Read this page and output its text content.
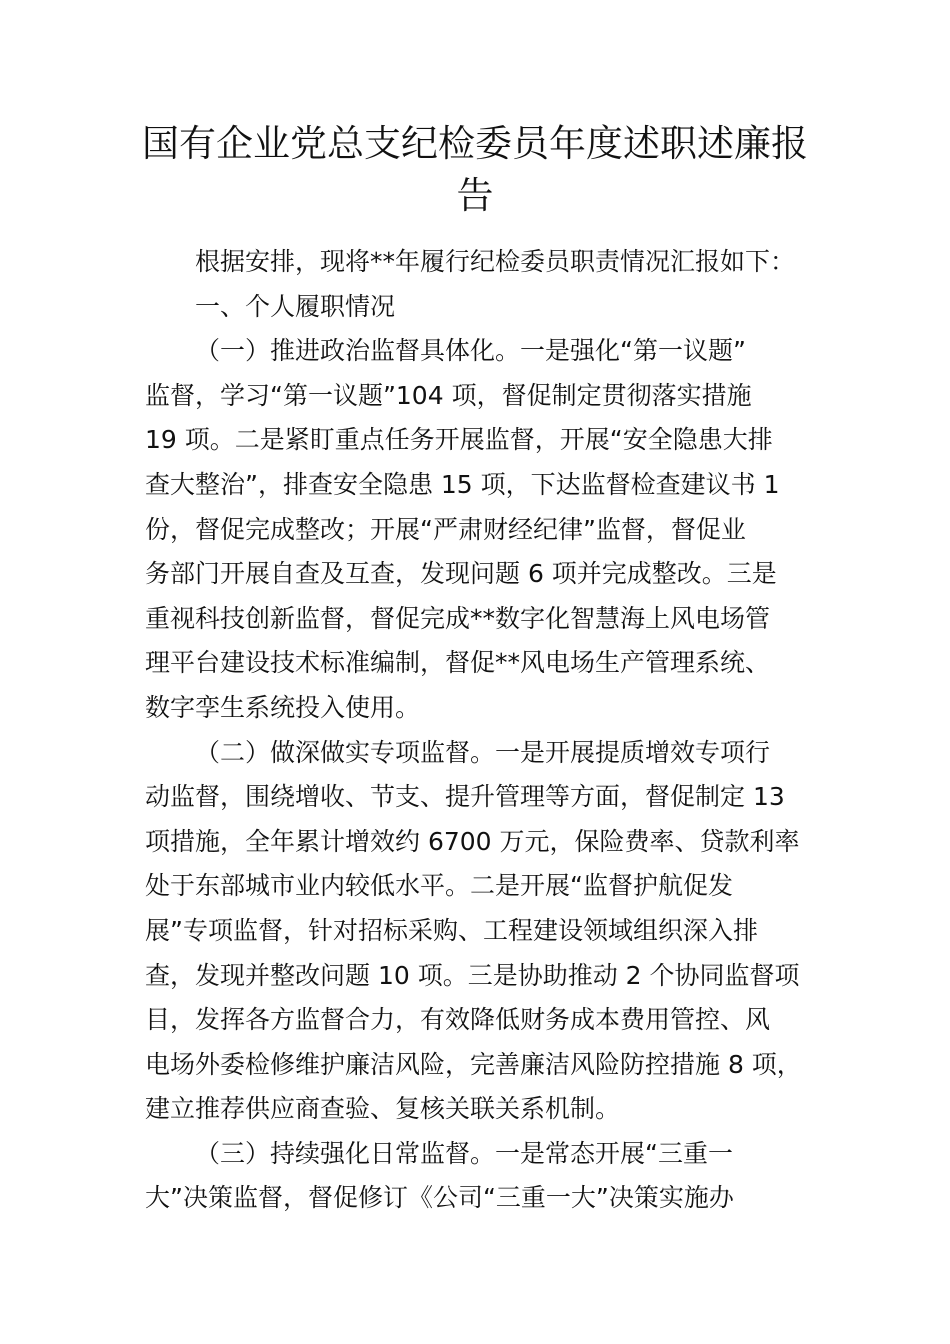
国有企业党总支纪检委员年度述职述廉报
告
根据安排，现将**年履行纪检委员职责情况汇报如下：
一、个人履职情况
（一）推进政治监督具体化。一是强化“第一议题”
监督，学习“第一议题”104 项，督促制定贯彻落实措施
19 项。二是紧盯重点任务开展监督，开展“安全隐患大排
查大整治”，排查安全隐患 15 项，下达监督检查建议书 1
份，督促完成整改；开展“严肃财经纪律”监督，督促业
务部门开展自查及互查，发现问题 6 项并完成整改。三是
重视科技创新监督，督促完成**数字化智慧海上风电场管
理平台建设技术标准编制，督促**风电场生产管理系统、
数字孪生系统投入使用。
（二）做深做实专项监督。一是开展提质增效专项行
动监督，围绕增收、节支、提升管理等方面，督促制定 13
项措施，全年累计增效约 6700 万元，保险费率、贷款利率
处于东部城市业内较低水平。二是开展“监督护航促发
展”专项监督，针对招标采购、工程建设领域组织深入排
查，发现并整改问题 10 项。三是协助推动 2 个协同监督项
目，发挥各方监督合力，有效降低财务成本费用管控、风
电场外委检修维护廉洁风险，完善廉洁风险防控措施 8 项，
建立推荐供应商查验、复核关联关系机制。
（三）持续强化日常监督。一是常态开展“三重一
大”决策监督，督促修订《公司“三重一大”决策实施办
